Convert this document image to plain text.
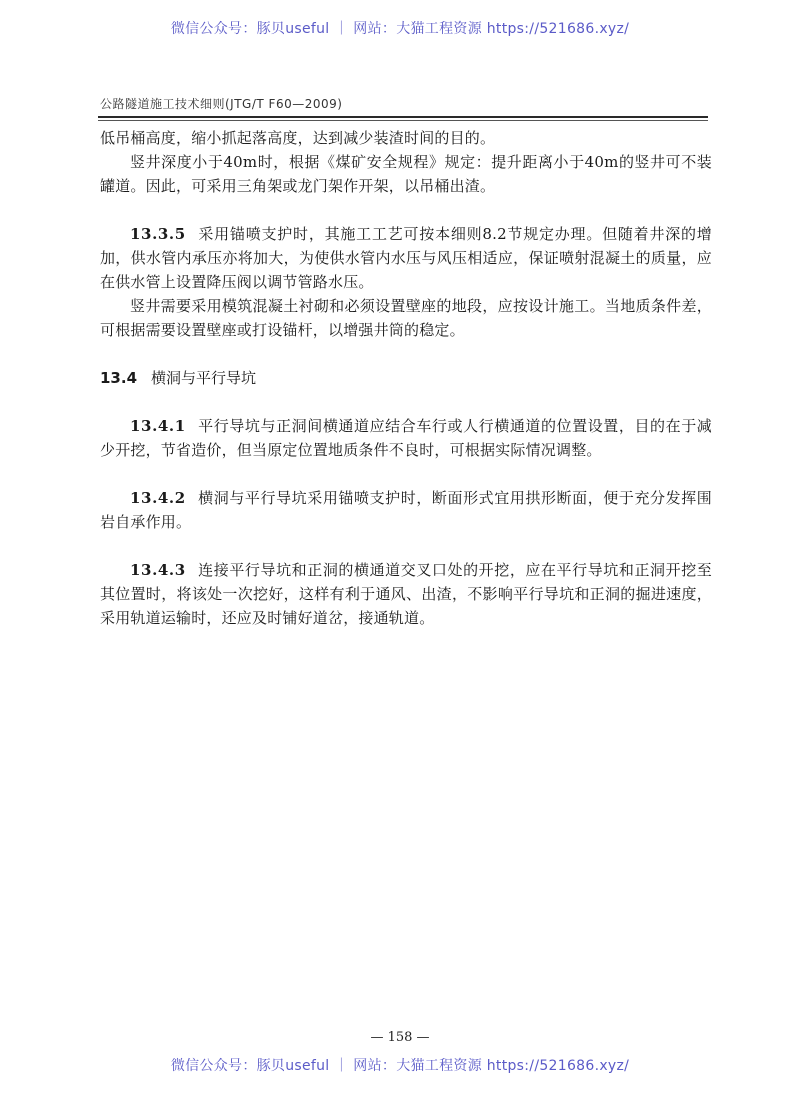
微信公众号：豚贝useful ｜ 网站：大猫工程资源 https://521686.xyz/
公路隧道施工技术细则(JTG/T F60—2009)

低吊桶高度，缩小抓起落高度，达到减少装渣时间的目的。

竖井深度小于40m时，根据《煤矿安全规程》规定：提升距离小于40m的竖井可不装罐道。因此，可采用三角架或龙门架作开架，以吊桶出渣。

13.3.5 采用锚喷支护时，其施工工艺可按本细则8.2节规定办理。但随着井深的增加，供水管内承压亦将加大，为使供水管内水压与风压相适应，保证喷射混凝土的质量，应在供水管上设置降压阀以调节管路水压。

竖井需要采用模筑混凝土衬砌和必须设置壁座的地段，应按设计施工。当地质条件差，可根据需要设置壁座或打设锚杆，以增强井筒的稳定。

13.4 横洞与平行导坑

13.4.1 平行导坑与正洞间横通道应结合车行或人行横通道的位置设置，目的在于减少开挖，节省造价，但当原定位置地质条件不良时，可根据实际情况调整。

13.4.2 横洞与平行导坑采用锚喷支护时，断面形式宜用拱形断面，便于充分发挥围岩自承作用。

13.4.3 连接平行导坑和正洞的横通道交叉口处的开挖，应在平行导坑和正洞开挖至其位置时，将该处一次挖好，这样有利于通风、出渣，不影响平行导坑和正洞的掘进速度，采用轨道运输时，还应及时铺好道岔，接通轨道。

— 158 —
微信公众号：豚贝useful ｜ 网站：大猫工程资源 https://521686.xyz/
